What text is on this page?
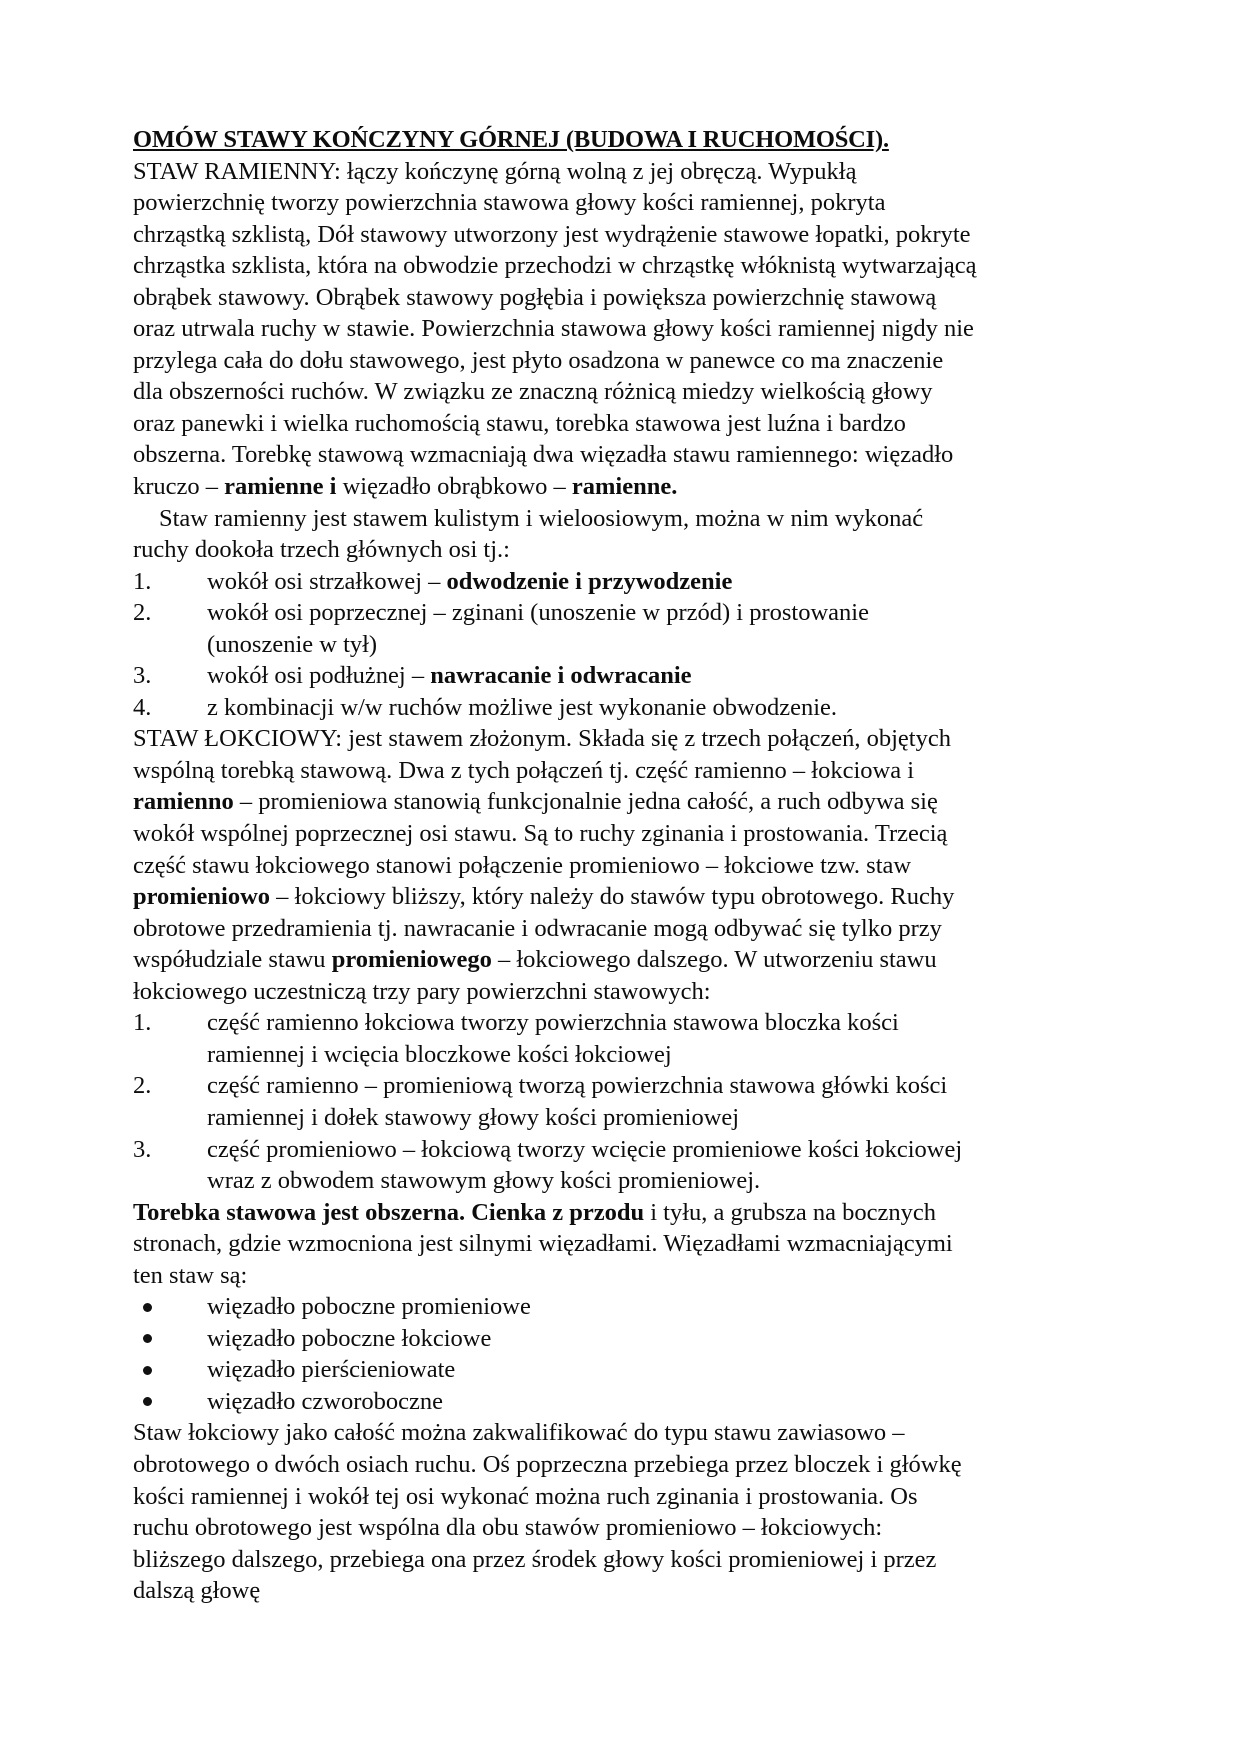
OMÓW STAWY KOŃCZYNY GÓRNEJ (BUDOWA I RUCHOMOŚCI).

STAW RAMIENNY: łączy kończynę górną wolną z jej obręczą. Wypukłą powierzchnię tworzy powierzchnia stawowa głowy kości ramiennej, pokryta chrząstką szklistą, Dół stawowy utworzony jest wydrążenie stawowe łopatki, pokryte chrząstka szklista, która na obwodzie przechodzi w chrząstkę włóknistą wytwarzającą obrąbek stawowy. Obrąbek stawowy pogłębia i powiększa powierzchnię stawową oraz utrwala ruchy w stawie. Powierzchnia stawowa głowy kości ramiennej nigdy nie przylega cała do dołu stawowego, jest płyto osadzona w panewce co ma znaczenie dla obszerności ruchów. W związku ze znaczną różnicą miedzy wielkością głowy oraz panewki i wielka ruchomością stawu, torebka stawowa jest luźna i bardzo obszerna. Torebkę stawową wzmacniają dwa więzadła stawu ramiennego: więzadło kruczo – ramienne i więzadło obrąbkowo – ramienne.

Staw ramienny jest stawem kulistym i wieloosiowym, można w nim wykonać ruchy dookoła trzech głównych osi tj.:

1. wokół osi strzałkowej – odwodzenie i przywodzenie
2. wokół osi poprzecznej – zginani (unoszenie w przód) i prostowanie (unoszenie w tył)
3. wokół osi podłużnej – nawracanie i odwracanie
4. z kombinacji w/w ruchów możliwe jest wykonanie obwodzenie.

STAW ŁOKCIOWY: jest stawem złożonym. Składa się z trzech połączeń, objętych wspólną torebką stawową. Dwa z tych połączeń tj. część ramienno – łokciowa i ramienno – promieniowa stanowią funkcjonalnie jedna całość, a ruch odbywa się wokół wspólnej poprzecznej osi stawu. Są to ruchy zginania i prostowania. Trzecią część stawu łokciowego stanowi połączenie promieniowo – łokciowe tzw. staw promieniowo – łokciowy bliższy, który należy do stawów typu obrotowego. Ruchy obrotowe przedramienia tj. nawracanie i odwracanie mogą odbywać się tylko przy współudziale stawu promieniowego – łokciowego dalszego. W utworzeniu stawu łokciowego uczestniczą trzy pary powierzchni stawowych:

1. część ramienno łokciowa tworzy powierzchnia stawowa bloczka kości ramiennej i wcięcia bloczkowe kości łokciowej
2. część ramienno – promieniową tworzą powierzchnia stawowa główki kości ramiennej i dołek stawowy głowy kości promieniowej
3. część promieniowo – łokciową tworzy wcięcie promieniowe kości łokciowej wraz z obwodem stawowym głowy kości promieniowej.

Torebka stawowa jest obszerna. Cienka z przodu i tyłu, a grubsza na bocznych stronach, gdzie wzmocniona jest silnymi więzadłami. Więzadłami wzmacniającymi ten staw są:

więzadło poboczne promieniowe
więzadło poboczne łokciowe
więzadło pierścieniowate
więzadło czworoboczne

Staw łokciowy jako całość można zakwalifikować do typu stawu zawiasowo – obrotowego o dwóch osiach ruchu. Oś poprzeczna przebiega przez bloczek i główkę kości ramiennej i wokół tej osi wykonać można ruch zginania i prostowania. Os ruchu obrotowego jest wspólna dla obu stawów promieniowo – łokciowych: bliższego dalszego, przebiega ona przez środek głowy kości promieniowej i przez dalszą głowę
